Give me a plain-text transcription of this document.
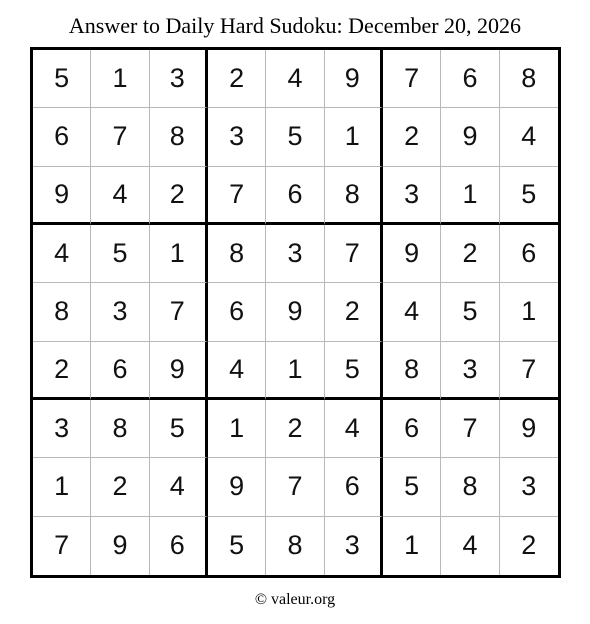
Answer to Daily Hard Sudoku: December 20, 2026
5	1	3	2	4	9	7	6	8
6	7	8	3	5	1	2	9	4
9	4	2	7	6	8	3	1	5
4	5	1	8	3	7	9	2	6
8	3	7	6	9	2	4	5	1
2	6	9	4	1	5	8	3	7
3	8	5	1	2	4	6	7	9
1	2	4	9	7	6	5	8	3
7	9	6	5	8	3	1	4	2
© valeur.org
